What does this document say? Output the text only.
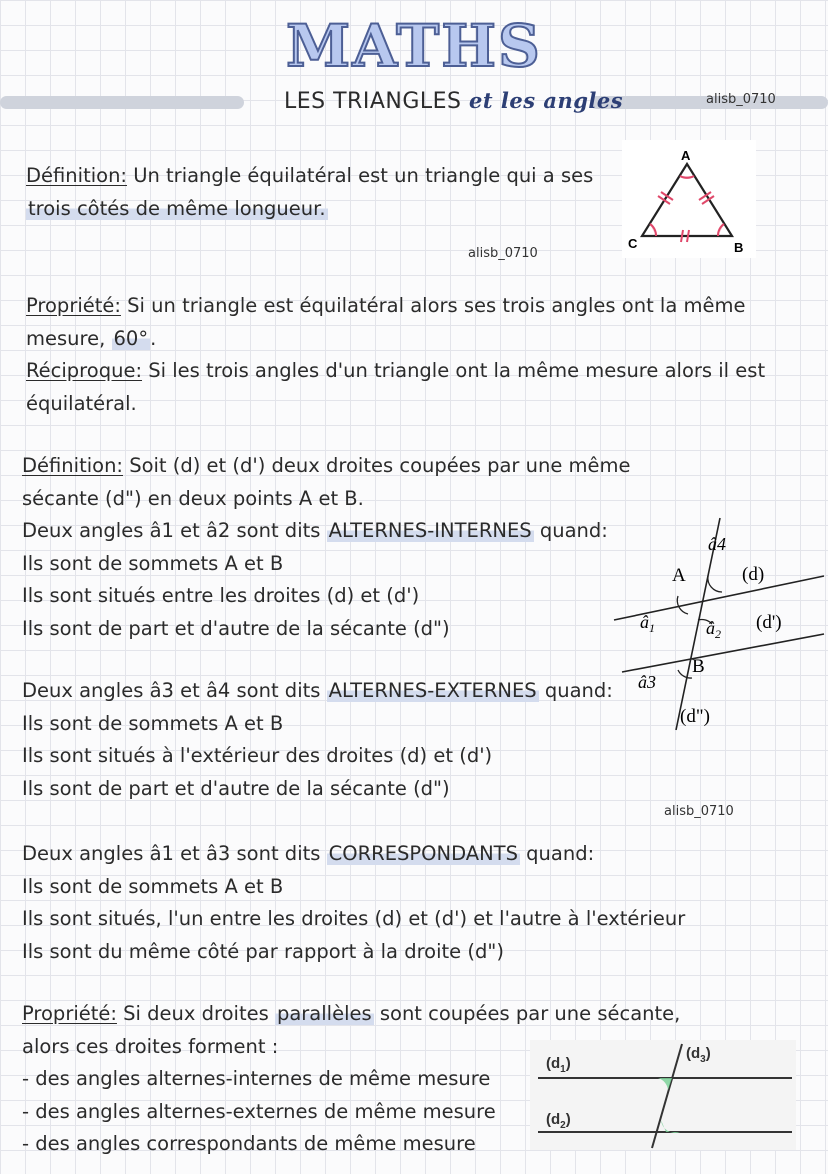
MATHS
LES TRIANGLES et les angles	alisb_0710
Définition: Un triangle équilatéral est un triangle qui a ses
trois côtés de même longueur.
alisb_0710
A
C	B
Propriété: Si un triangle est équilatéral alors ses trois angles ont la même
mesure, 60° .
Réciproque: Si les trois angles d'un triangle ont la même mesure alors il est
équilatéral.
Définition: Soit (d) et (d') deux droites coupées par une même
sécante (d") en deux points A et B.
Deux angles â1 et â2 sont dits ALTERNES-INTERNES quand:
Ils sont de sommets A et B
Ils sont situés entre les droites (d) et (d')
Ils sont de part et d'autre de la sécante (d")
Deux angles â3 et â4 sont dits ALTERNES-EXTERNES quand:
Ils sont de sommets A et B
Ils sont situés à l'extérieur des droites (d) et (d')
Ils sont de part et d'autre de la sécante (d")
alisb_0710
A
B
â4
â3
$â_1$	$â_2$
(d)
(d')
(d")
Deux angles â1 et â3 sont dits CORRESPONDANTS quand:
Ils sont de sommets A et B
Ils sont situés, l'un entre les droites (d) et (d') et l'autre à l'extérieur
Ils sont du même côté par rapport à la droite (d")
Propriété: Si deux droites parallèles sont coupées par une sécante,
alors ces droites forment :
- des angles alternes-internes de même mesure
- des angles alternes-externes de même mesure
- des angles correspondants de même mesure
$(d_1)$
$(d_2)$
$(d_3)$
